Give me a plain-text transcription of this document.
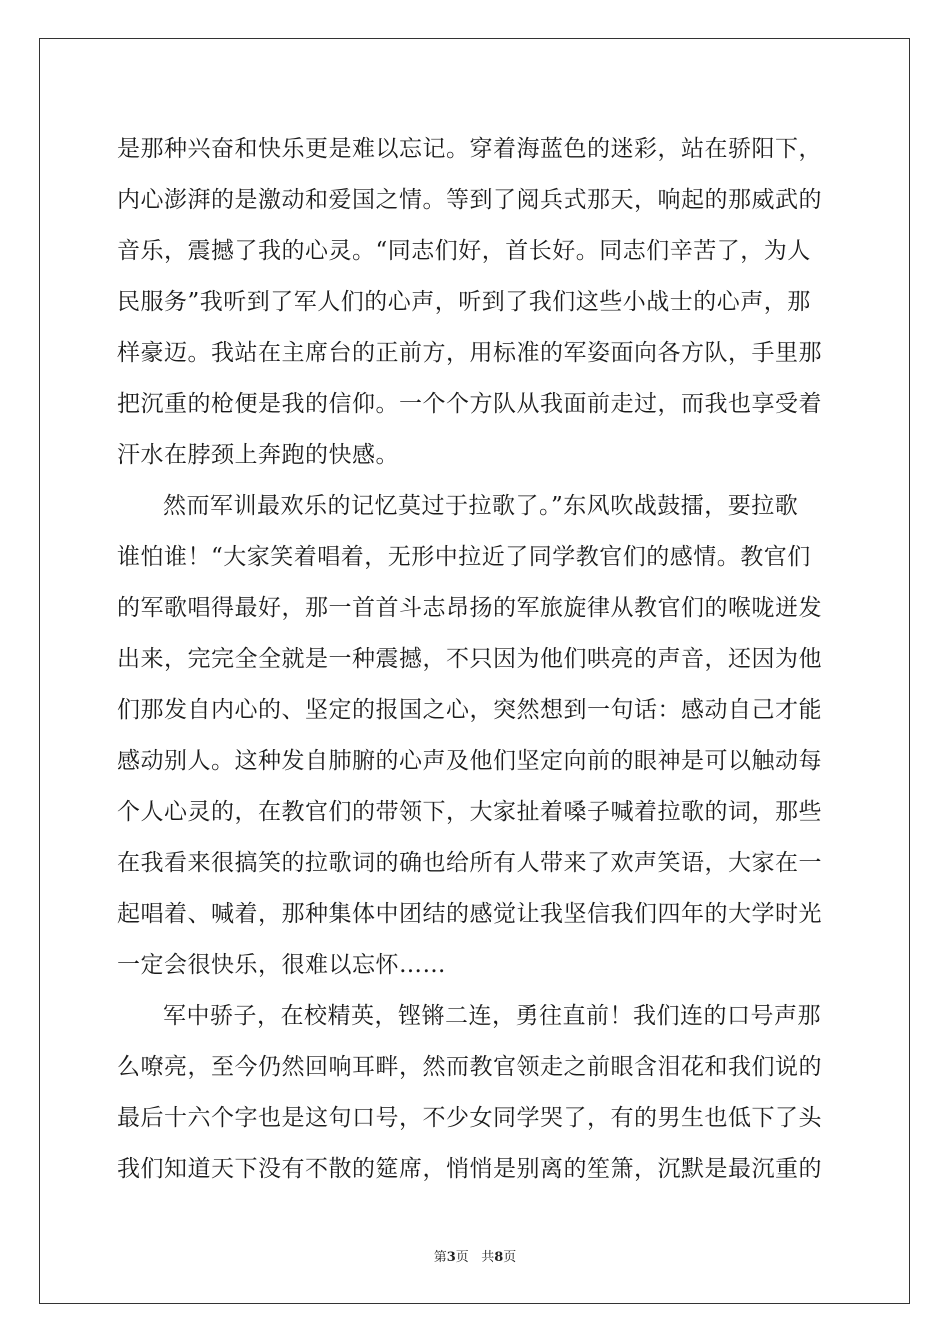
是那种兴奋和快乐更是难以忘记。穿着海蓝色的迷彩，站在骄阳下，
内心澎湃的是激动和爱国之情。等到了阅兵式那天，响起的那威武的
音乐，震撼了我的心灵。“同志们好，首长好。同志们辛苦了，为人
民服务”我听到了军人们的心声，听到了我们这些小战士的心声，那
样豪迈。我站在主席台的正前方，用标准的军姿面向各方队，手里那
把沉重的枪便是我的信仰。一个个方队从我面前走过，而我也享受着
汗水在脖颈上奔跑的快感。
然而军训最欢乐的记忆莫过于拉歌了。”东风吹战鼓擂，要拉歌
谁怕谁！“大家笑着唱着，无形中拉近了同学教官们的感情。教官们
的军歌唱得最好，那一首首斗志昂扬的军旅旋律从教官们的喉咙迸发
出来，完完全全就是一种震撼，不只因为他们哄亮的声音，还因为他
们那发自内心的、坚定的报国之心，突然想到一句话：感动自己才能
感动别人。这种发自肺腑的心声及他们坚定向前的眼神是可以触动每
个人心灵的，在教官们的带领下，大家扯着嗓子喊着拉歌的词，那些
在我看来很搞笑的拉歌词的确也给所有人带来了欢声笑语，大家在一
起唱着、喊着，那种集体中团结的感觉让我坚信我们四年的大学时光
一定会很快乐，很难以忘怀……
军中骄子，在校精英，铿锵二连，勇往直前！我们连的口号声那
么嘹亮，至今仍然回响耳畔，然而教官领走之前眼含泪花和我们说的
最后十六个字也是这句口号，不少女同学哭了，有的男生也低下了头
我们知道天下没有不散的筵席，悄悄是别离的笙箫，沉默是最沉重的
第3页 共8页
